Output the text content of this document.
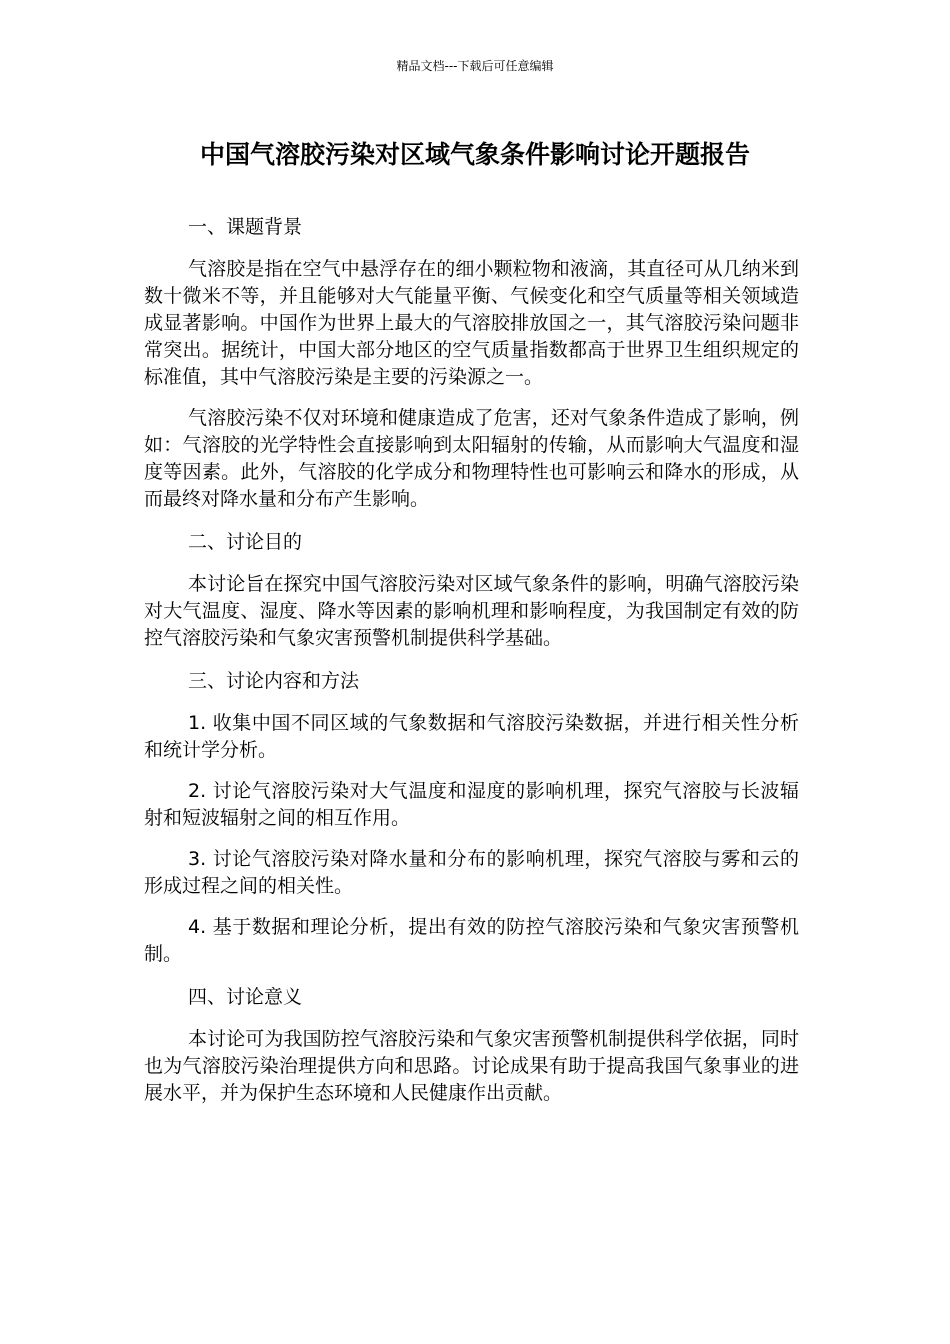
精品文档---下载后可任意编辑
中国气溶胶污染对区域气象条件影响讨论开题报告
一、课题背景
气溶胶是指在空气中悬浮存在的细小颗粒物和液滴，其直径可从几纳米到数十微米不等，并且能够对大气能量平衡、气候变化和空气质量等相关领域造成显著影响。中国作为世界上最大的气溶胶排放国之一，其气溶胶污染问题非常突出。据统计，中国大部分地区的空气质量指数都高于世界卫生组织规定的标准值，其中气溶胶污染是主要的污染源之一。
气溶胶污染不仅对环境和健康造成了危害，还对气象条件造成了影响，例如：气溶胶的光学特性会直接影响到太阳辐射的传输，从而影响大气温度和湿度等因素。此外，气溶胶的化学成分和物理特性也可影响云和降水的形成，从而最终对降水量和分布产生影响。
二、讨论目的
本讨论旨在探究中国气溶胶污染对区域气象条件的影响，明确气溶胶污染对大气温度、湿度、降水等因素的影响机理和影响程度，为我国制定有效的防控气溶胶污染和气象灾害预警机制提供科学基础。
三、讨论内容和方法
1. 收集中国不同区域的气象数据和气溶胶污染数据，并进行相关性分析和统计学分析。
2. 讨论气溶胶污染对大气温度和湿度的影响机理，探究气溶胶与长波辐射和短波辐射之间的相互作用。
3. 讨论气溶胶污染对降水量和分布的影响机理，探究气溶胶与雾和云的形成过程之间的相关性。
4. 基于数据和理论分析，提出有效的防控气溶胶污染和气象灾害预警机制。
四、讨论意义
本讨论可为我国防控气溶胶污染和气象灾害预警机制提供科学依据，同时也为气溶胶污染治理提供方向和思路。讨论成果有助于提高我国气象事业的进展水平，并为保护生态环境和人民健康作出贡献。
